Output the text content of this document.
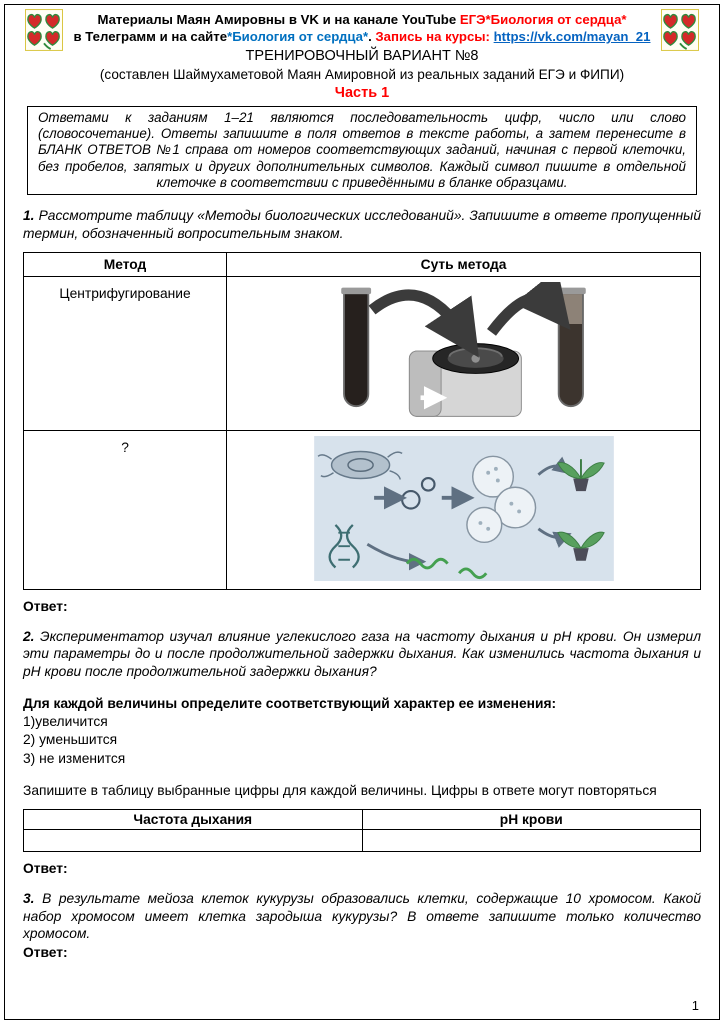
Материалы Маян Амировны в VK и на канале YouTube ЕГЭ*Биология от сердца*
в Телеграмм и на сайте*Биология от сердца*. Запись на курсы: https://vk.com/mayan_21
ТРЕНИРОВОЧНЫЙ ВАРИАНТ №8
(составлен Шаймухаметовой Маян Амировной из реальных заданий ЕГЭ и ФИПИ)
Часть 1
Ответами к заданиям 1–21 являются последовательность цифр, число или слово (словосочетание). Ответы запишите в поля ответов в тексте работы, а затем перенесите в БЛАНК ОТВЕТОВ №1 справа от номеров соответствующих заданий, начиная с первой клеточки, без пробелов, запятых и других дополнительных символов. Каждый символ пишите в отдельной клеточке в соответствии с приведёнными в бланке образцами.

1. Рассмотрите таблицу «Методы биологических исследований». Запишите в ответе пропущенный термин, обозначенный вопросительным знаком.

Метод	Суть метода
Центрифугирование	
?	
Ответ:

2. Экспериментатор изучал влияние углекислого газа на частоту дыхания и pH крови. Он измерил эти параметры до и после продолжительной задержки дыхания. Как изменились частота дыхания и pH крови после продолжительной задержки дыхания?

Для каждой величины определите соответствующий характер ее изменения:
1)увеличится
2) уменьшится
3) не изменится

Запишите в таблицу выбранные цифры для каждой величины. Цифры в ответе могут повторяться

Частота дыхания	pH крови

Ответ:

3. В результате мейоза клеток кукурузы образовались клетки, содержащие 10 хромосом. Какой набор хромосом имеет клетка зародыша кукурузы? В ответе запишите только количество хромосом.

Ответ:
1
